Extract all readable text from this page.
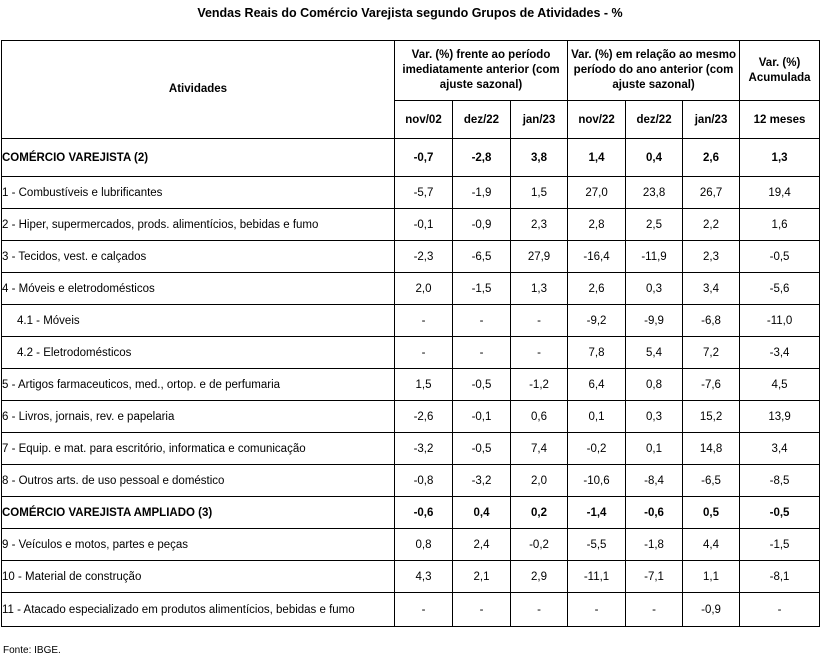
Vendas Reais do Comércio Varejista segundo Grupos de Atividades - %
Atividades	Var. (%) frente ao período imediatamente anterior (com ajuste sazonal)			Var. (%) em relação ao mesmo período do ano anterior (com ajuste sazonal)			Var. (%) Acumulada
	nov/02	dez/22	jan/23	nov/22	dez/22	jan/23	12 meses
COMÉRCIO VAREJISTA (2)	-0,7	-2,8	3,8	1,4	0,4	2,6	1,3
1 - Combustíveis e lubrificantes	-5,7	-1,9	1,5	27,0	23,8	26,7	19,4
2 - Hiper, supermercados, prods. alimentícios, bebidas e fumo	-0,1	-0,9	2,3	2,8	2,5	2,2	1,6
3 - Tecidos, vest. e calçados	-2,3	-6,5	27,9	-16,4	-11,9	2,3	-0,5
4 - Móveis e eletrodomésticos	2,0	-1,5	1,3	2,6	0,3	3,4	-5,6
4.1 - Móveis	-	-	-	-9,2	-9,9	-6,8	-11,0
4.2 - Eletrodomésticos	-	-	-	7,8	5,4	7,2	-3,4
5 - Artigos farmaceuticos, med., ortop. e de perfumaria	1,5	-0,5	-1,2	6,4	0,8	-7,6	4,5
6 - Livros, jornais, rev. e papelaria	-2,6	-0,1	0,6	0,1	0,3	15,2	13,9
7 - Equip. e mat. para escritório, informatica e comunicação	-3,2	-0,5	7,4	-0,2	0,1	14,8	3,4
8 - Outros arts. de uso pessoal e doméstico	-0,8	-3,2	2,0	-10,6	-8,4	-6,5	-8,5
COMÉRCIO VAREJISTA AMPLIADO (3)	-0,6	0,4	0,2	-1,4	-0,6	0,5	-0,5
9 - Veículos e motos, partes e peças	0,8	2,4	-0,2	-5,5	-1,8	4,4	-1,5
10 - Material de construção	4,3	2,1	2,9	-11,1	-7,1	1,1	-8,1
11 - Atacado especializado em produtos alimentícios, bebidas e fumo	-	-	-	-	-	-0,9	-
Fonte: IBGE.
